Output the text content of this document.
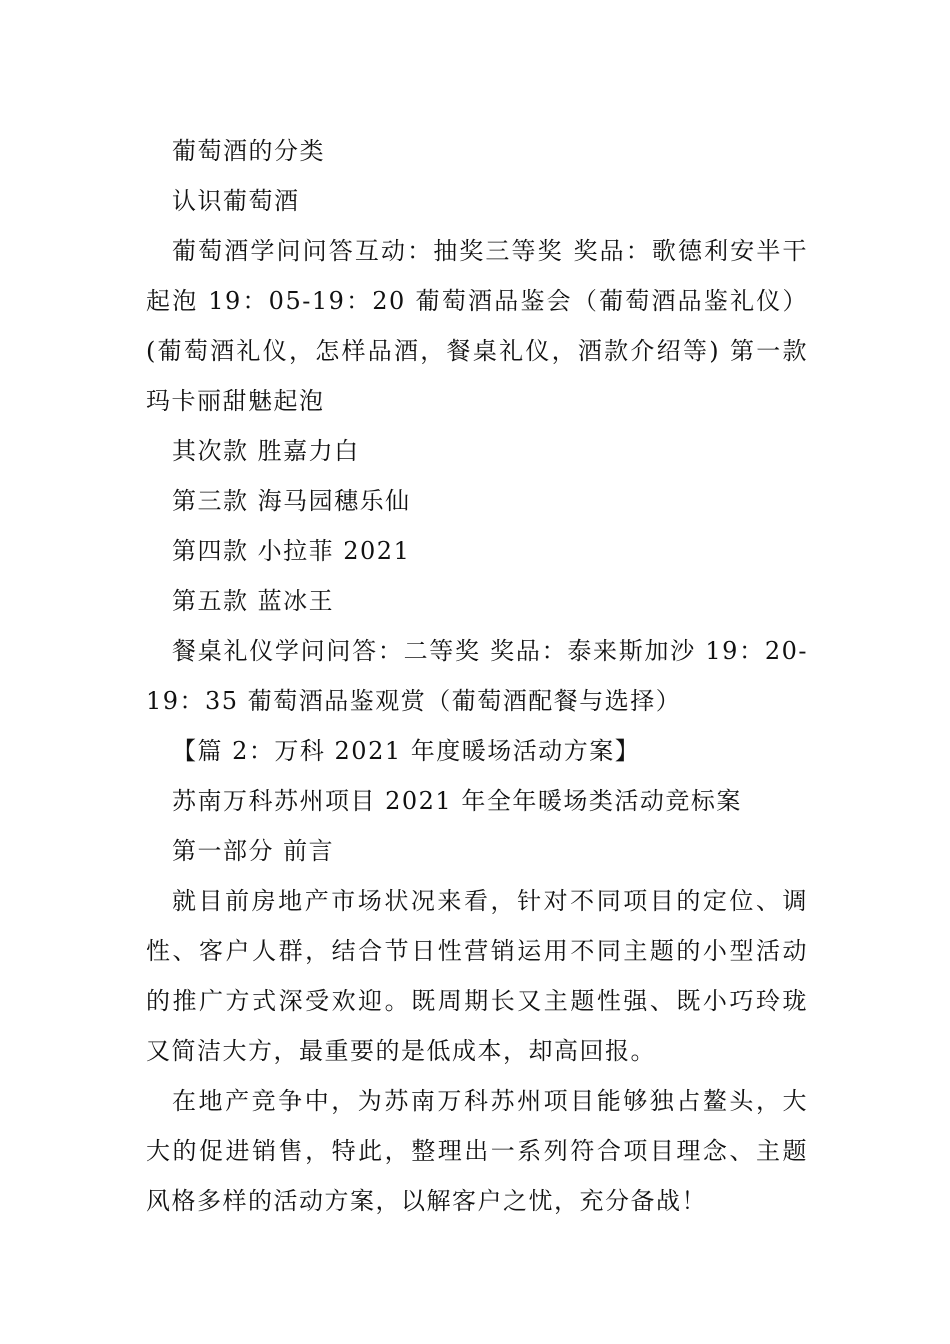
葡萄酒的分类

认识葡萄酒

葡萄酒学问问答互动：抽奖三等奖 奖品：歌德利安半干起泡 19：05-19：20 葡萄酒品鉴会（葡萄酒品鉴礼仪）(葡萄酒礼仪，怎样品酒，餐桌礼仪，酒款介绍等) 第一款 玛卡丽甜魅起泡

其次款 胜嘉力白

第三款 海马园穗乐仙

第四款 小拉菲 2021

第五款 蓝冰王

餐桌礼仪学问问答：二等奖 奖品：泰来斯加沙 19：20-19：35 葡萄酒品鉴观赏（葡萄酒配餐与选择）

【篇 2：万科 2021 年度暖场活动方案】

苏南万科苏州项目 2021 年全年暖场类活动竞标案

第一部分 前言

就目前房地产市场状况来看，针对不同项目的定位、调性、客户人群，结合节日性营销运用不同主题的小型活动的推广方式深受欢迎。既周期长又主题性强、既小巧玲珑又简洁大方，最重要的是低成本，却高回报。

在地产竞争中，为苏南万科苏州项目能够独占鳌头，大大的促进销售，特此，整理出一系列符合项目理念、主题风格多样的活动方案，以解客户之忧，充分备战！
